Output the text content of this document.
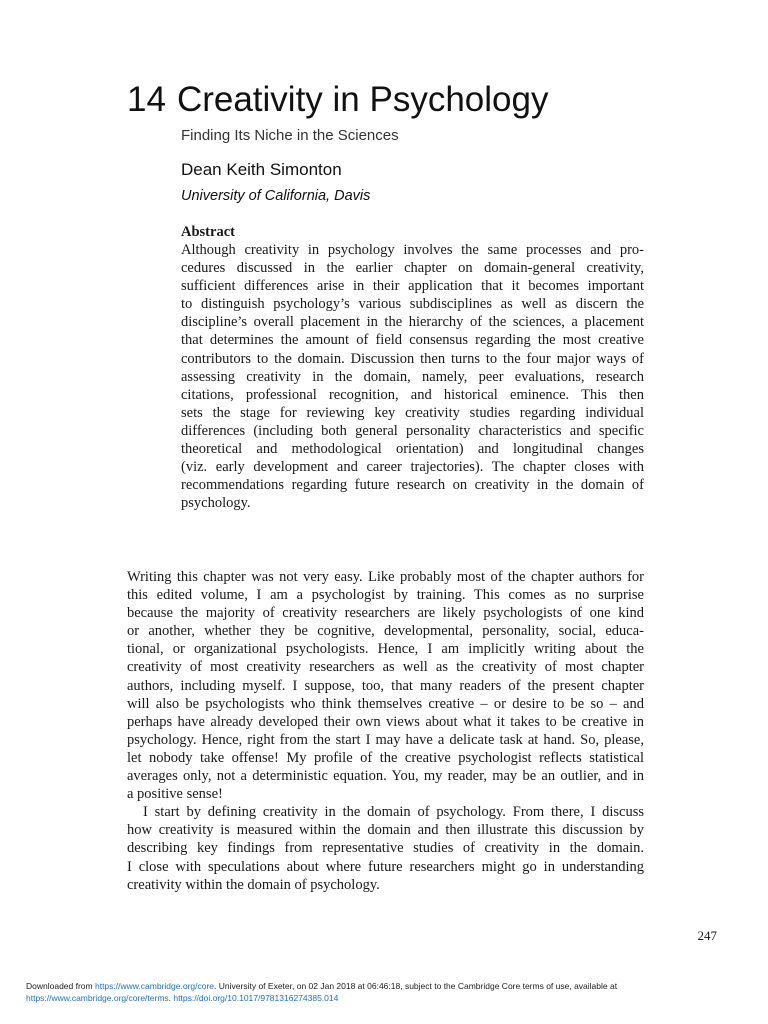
14 Creativity in Psychology
Finding Its Niche in the Sciences
Dean Keith Simonton
University of California, Davis
Abstract
Although creativity in psychology involves the same processes and pro-
cedures discussed in the earlier chapter on domain-general creativity,
sufficient differences arise in their application that it becomes important
to distinguish psychology’s various subdisciplines as well as discern the
discipline’s overall placement in the hierarchy of the sciences, a placement
that determines the amount of field consensus regarding the most creative
contributors to the domain. Discussion then turns to the four major ways of
assessing creativity in the domain, namely, peer evaluations, research
citations, professional recognition, and historical eminence. This then
sets the stage for reviewing key creativity studies regarding individual
differences (including both general personality characteristics and specific
theoretical and methodological orientation) and longitudinal changes
(viz. early development and career trajectories). The chapter closes with
recommendations regarding future research on creativity in the domain of
psychology.
Writing this chapter was not very easy. Like probably most of the chapter authors for
this edited volume, I am a psychologist by training. This comes as no surprise
because the majority of creativity researchers are likely psychologists of one kind
or another, whether they be cognitive, developmental, personality, social, educa-
tional, or organizational psychologists. Hence, I am implicitly writing about the
creativity of most creativity researchers as well as the creativity of most chapter
authors, including myself. I suppose, too, that many readers of the present chapter
will also be psychologists who think themselves creative – or desire to be so – and
perhaps have already developed their own views about what it takes to be creative in
psychology. Hence, right from the start I may have a delicate task at hand. So, please,
let nobody take offense! My profile of the creative psychologist reflects statistical
averages only, not a deterministic equation. You, my reader, may be an outlier, and in
a positive sense!
I start by defining creativity in the domain of psychology. From there, I discuss
how creativity is measured within the domain and then illustrate this discussion by
describing key findings from representative studies of creativity in the domain.
I close with speculations about where future researchers might go in understanding
creativity within the domain of psychology.
247
Downloaded from https://www.cambridge.org/core. University of Exeter, on 02 Jan 2018 at 06:46:18, subject to the Cambridge Core terms of use, available at
https://www.cambridge.org/core/terms. https://doi.org/10.1017/9781316274385.014
